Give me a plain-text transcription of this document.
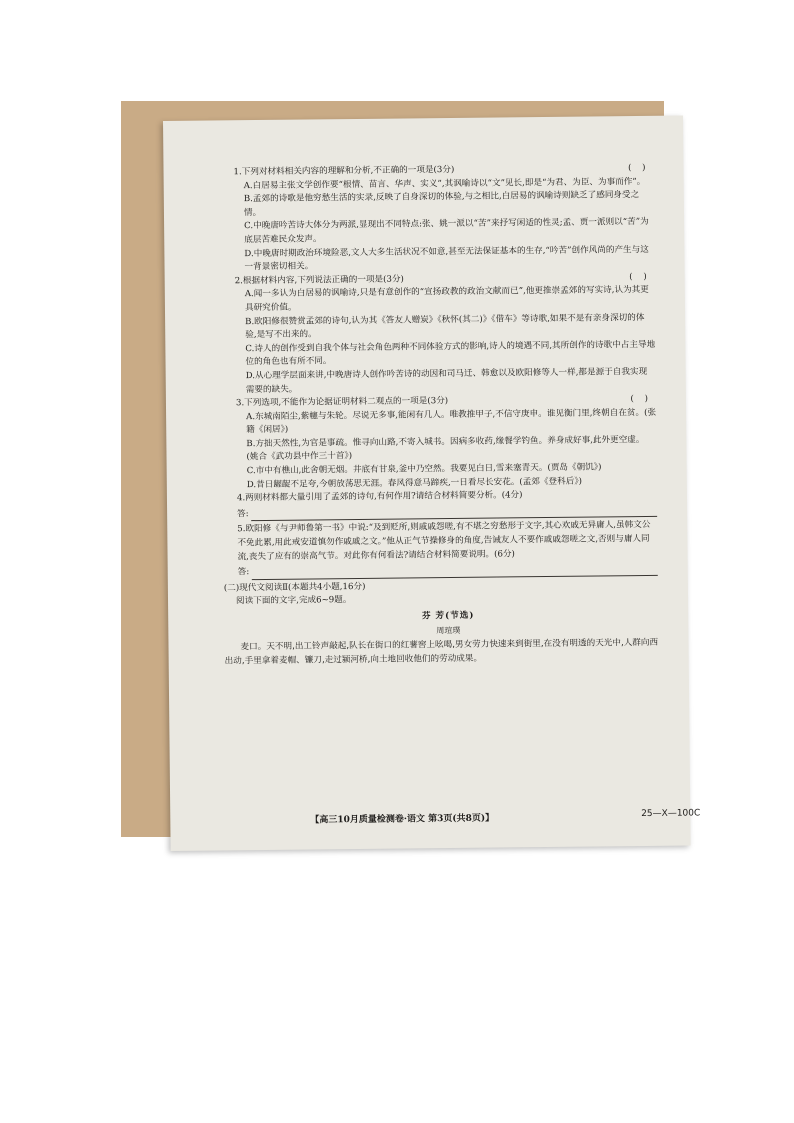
1.下列对材料相关内容的理解和分析,不正确的一项是(3分)	( )

A.白居易主张文学创作要“根情、苗言、华声、实义”,其讽喻诗以“文”见长,即是“为君、为臣、为事而作”。

B.孟郊的诗歌是他穷愁生活的实录,反映了自身深切的体验,与之相比,白居易的讽喻诗则缺乏了感同身受之情。

C.中晚唐吟苦诗大体分为两派,显现出不同特点:张、姚一派以“苦”来抒写闲适的性灵;孟、贾一派则以“苦”为底层苦难民众发声。

D.中晚唐时期政治环境险恶,文人大多生活状况不如意,甚至无法保证基本的生存,“吟苦”创作风尚的产生与这一背景密切相关。

2.根据材料内容,下列说法正确的一项是(3分)	( )

A.闻一多认为白居易的讽喻诗,只是有意创作的“宣扬政教的政治文献而已”,他更推崇孟郊的写实诗,认为其更具研究价值。

B.欧阳修很赞赏孟郊的诗句,认为其《答友人赠炭》《秋怀(其二)》《借车》等诗歌,如果不是有亲身深切的体验,是写不出来的。

C.诗人的创作受到自我个体与社会角色两种不同体验方式的影响,诗人的境遇不同,其所创作的诗歌中占主导地位的角色也有所不同。

D.从心理学层面来讲,中晚唐诗人创作吟苦诗的动因和司马迁、韩愈以及欧阳修等人一样,都是源于自我实现需要的缺失。

3.下列选项,不能作为论据证明材料二观点的一项是(3分)	( )

A.东城南陌尘,紫幰与朱轮。尽说无多事,能闲有几人。唯教推甲子,不信守庚申。谁见衡门里,终朝自在贫。(张籍《闲居》)

B.方拙天然性,为官是事疏。惟寻向山路,不寄入城书。因病多收药,缘餐学钓鱼。养身成好事,此外更空虚。(姚合《武功县中作三十首》)

C.市中有樵山,此舍朝无烟。井底有甘泉,釜中乃空然。我要见白日,雪来塞青天。(贾岛《朝饥》)

D.昔日龌龊不足夸,今朝放荡思无涯。春风得意马蹄疾,一日看尽长安花。(孟郊《登科后》)

4.两则材料都大量引用了孟郊的诗句,有何作用?请结合材料简要分析。(4分)

答:

5.欧阳修《与尹师鲁第一书》中说:“及到贬所,则戚戚怨嗟,有不堪之穷愁形于文字,其心欢戚无异庸人,虽韩文公不免此累,用此戒安道慎勿作戚戚之文。”他从正气节操修身的角度,告诫友人不要作戚戚怨嗟之文,否则与庸人同流,丧失了应有的崇高气节。对此你有何看法?请结合材料简要说明。(6分)

答:

(二)现代文阅读Ⅱ(本题共4小题,16分)

阅读下面的文字,完成6~9题。

芬 芳(节选)

周瑄璞

麦口。天不明,出工铃声敲起,队长在街口的红薯窖上吆喝,男女劳力快速来到街里,在没有明透的天光中,人群向西出动,手里拿着麦帽、镰刀,走过颍河桥,向土地回收他们的劳动成果。

【高三10月质量检测卷·语文 第3页(共8页)】	25—X—100C
